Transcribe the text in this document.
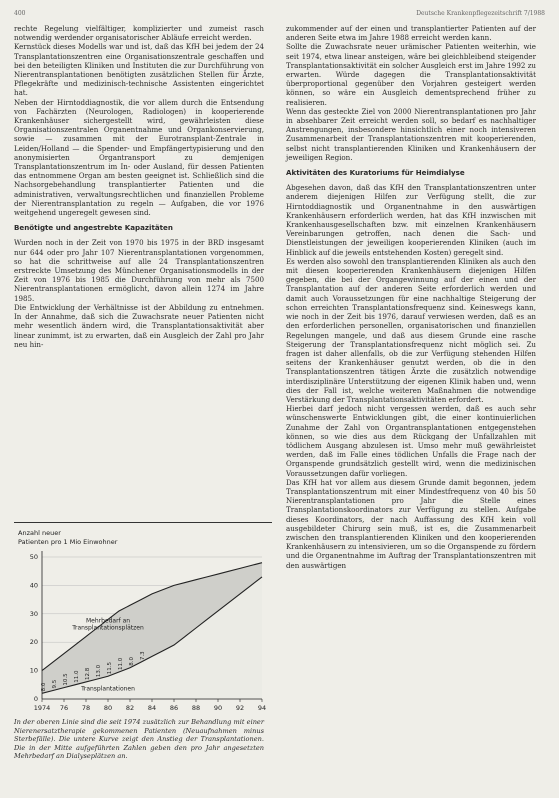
400	Deutsche Krankenpflegezeitschrift 7/1988

rechte Regelung vielfältiger, komplizierter und zumeist rasch notwendig werdender organisatorischer Abläufe erreicht werden.

Kernstück dieses Modells war und ist, daß das KfH bei jedem der 24 Transplantationszentren eine Organisationszentrale geschaffen und bei den beteiligten Kliniken und Instituten die zur Durchführung von Nierentransplantationen benötigten zusätzlichen Stellen für Ärzte, Pflegekräfte und medizinisch-technische Assistenten eingerichtet hat.

Neben der Hirntoddiagnostik, die vor allem durch die Entsendung von Fachärzten (Neurologen, Radiologen) in kooperierende Krankenhäuser sichergestellt wird, gewährleisten diese Organisationszentralen Organentnahme und Organkonservierung, sowie — zusammen mit der Eurotransplant-Zentrale in Leiden/Holland — die Spender- und Empfängertypisierung und den anonymisierten Organtransport zu demjenigen Transplantationszentrum im In- oder Ausland, für dessen Patienten das entnommene Organ am besten geeignet ist. Schließlich sind die Nachsorgebehandlung transplantierter Patienten und die administrativen, verwaltungsrechtlichen und finanziellen Probleme der Nierentransplantation zu regeln — Aufgaben, die vor 1976 weitgehend ungeregelt gewesen sind.

Benötigte und angestrebte Kapazitäten

Wurden noch in der Zeit von 1970 bis 1975 in der BRD insgesamt nur 644 oder pro Jahr 107 Nierentransplantationen vorgenommen, so hat die schrittweise auf alle 24 Transplantationszentren erstreckte Umsetzung des Münchener Organisationsmodells in der Zeit von 1976 bis 1985 die Durchführung von mehr als 7500 Nierentransplantationen ermöglicht, davon allein 1274 im Jahre 1985.

Die Entwicklung der Verhältnisse ist der Abbildung zu entnehmen. In der Annahme, daß sich die Zuwachsrate neuer Patienten nicht mehr wesentlich ändern wird, die Transplantationsaktivität aber linear zunimmt, ist zu erwarten, daß ein Ausgleich der Zahl pro Jahr neu hin-

zukommender auf der einen und transplantierter Patienten auf der anderen Seite etwa im Jahre 1988 erreicht werden kann.

Sollte die Zuwachsrate neuer urämischer Patienten weiterhin, wie seit 1974, etwa linear ansteigen, wäre bei gleichbleibend steigender Transplantationsaktivität ein solcher Ausgleich erst im Jahre 1992 zu erwarten. Würde dagegen die Transplantationsaktivität überproportional gegenüber den Vorjahren gesteigert werden können, so wäre ein Ausgleich dementsprechend früher zu realisieren.

Wenn das gesteckte Ziel von 2000 Nierentransplantationen pro Jahr in absehbarer Zeit erreicht werden soll, so bedarf es nachhaltiger Anstrengungen, insbesondere hinsichtlich einer noch intensiveren Zusammenarbeit der Transplantationszentren mit kooperierenden, selbst nicht transplantierenden Kliniken und Krankenhäusern der jeweiligen Region.

Aktivitäten des Kuratoriums für Heimdialyse

Abgesehen davon, daß das KfH den Transplantationszentren unter anderem diejenigen Hilfen zur Verfügung stellt, die zur Hirntoddiagnostik und Organentnahme in den auswärtigen Krankenhäusern erforderlich werden, hat das KfH inzwischen mit Krankenhausgesellschaften bzw. mit einzelnen Krankenhäusern Vereinbarungen getroffen, nach denen die Sach- und Dienstleistungen der jeweiligen kooperierenden Kliniken (auch im Hinblick auf die jeweils entstehenden Kosten) geregelt sind.

Es werden also sowohl den transplantierenden Kliniken als auch den mit diesen kooperierenden Krankenhäusern diejenigen Hilfen gegeben, die bei der Organgewinnung auf der einen und der Transplantation auf der anderen Seite erforderlich werden und damit auch Voraussetzungen für eine nachhaltige Steigerung der schon erreichten Transplantationsfrequenz sind. Keineswegs kann, wie noch in der Zeit bis 1976, darauf verwiesen werden, daß es an den erforderlichen personellen, organisatorischen und finanziellen Regelungen mangele, und daß aus diesem Grunde eine rasche Steigerung der Transplantationsfrequenz nicht möglich sei. Zu fragen ist daher allenfalls, ob die zur Verfügung stehenden Hilfen seitens der Krankenhäuser genutzt werden, ob die in den Transplantationszentren tätigen Ärzte die zusätzlich notwendige interdisziplinäre Unterstützung der eigenen Klinik haben und, wenn dies der Fall ist, welche weiteren Maßnahmen die notwendige Verstärkung der Transplantationsaktivitäten erfordert.

Hierbei darf jedoch nicht vergessen werden, daß es auch sehr wünschenswerte Entwicklungen gibt, die einer kontinuierlichen Zunahme der Zahl von Organtransplantationen entgegenstehen können, so wie dies aus dem Rückgang der Unfallzahlen mit tödlichem Ausgang abzulesen ist. Umso mehr muß gewährleistet werden, daß im Falle eines tödlichen Unfalls die Frage nach der Organspende grundsätzlich gestellt wird, wenn die medizinischen Voraussetzungen dafür vorliegen.

Das KfH hat vor allem aus diesem Grunde damit begonnen, jedem Transplantationszentrum mit einer Mindestfrequenz von 40 bis 50 Nierentransplantationen pro Jahr die Stelle eines Transplantationskoordinators zur Verfügung zu stellen. Aufgabe dieses Koordinators, der nach Auffassung des KfH kein voll ausgebildeter Chirurg sein muß, ist es, die Zusammenarbeit zwischen den transplantierenden Kliniken und den kooperierenden Krankenhäusern zu intensivieren, um so die Organspende zu fördern und die Organentnahme im Auftrag der Transplantationszentren mit den auswärtigen

Anzahl neuer
Patienten pro 1 Mio Einwohner
0
10
20
30
40
50
1974 76 78 80 82 84 86 88 90 92 94
Mehrbedarf an Transplantationsplätzen
Transplantationen
8.0 9.5 10.5 11.0 12.8 13.0 11.5 11.0 8.0
7.3
In der oberen Linie sind die seit 1974 zusätzlich zur Behandlung mit einer Nierenersatztherapie gekommenen Patienten (Neuaufnahmen minus Sterbefälle). Die untere Kurve zeigt den Anstieg der Transplantationen. Die in der Mitte aufgeführten Zahlen geben den pro Jahr angesetzten Mehrbedarf an Dialyseplätzen an.
